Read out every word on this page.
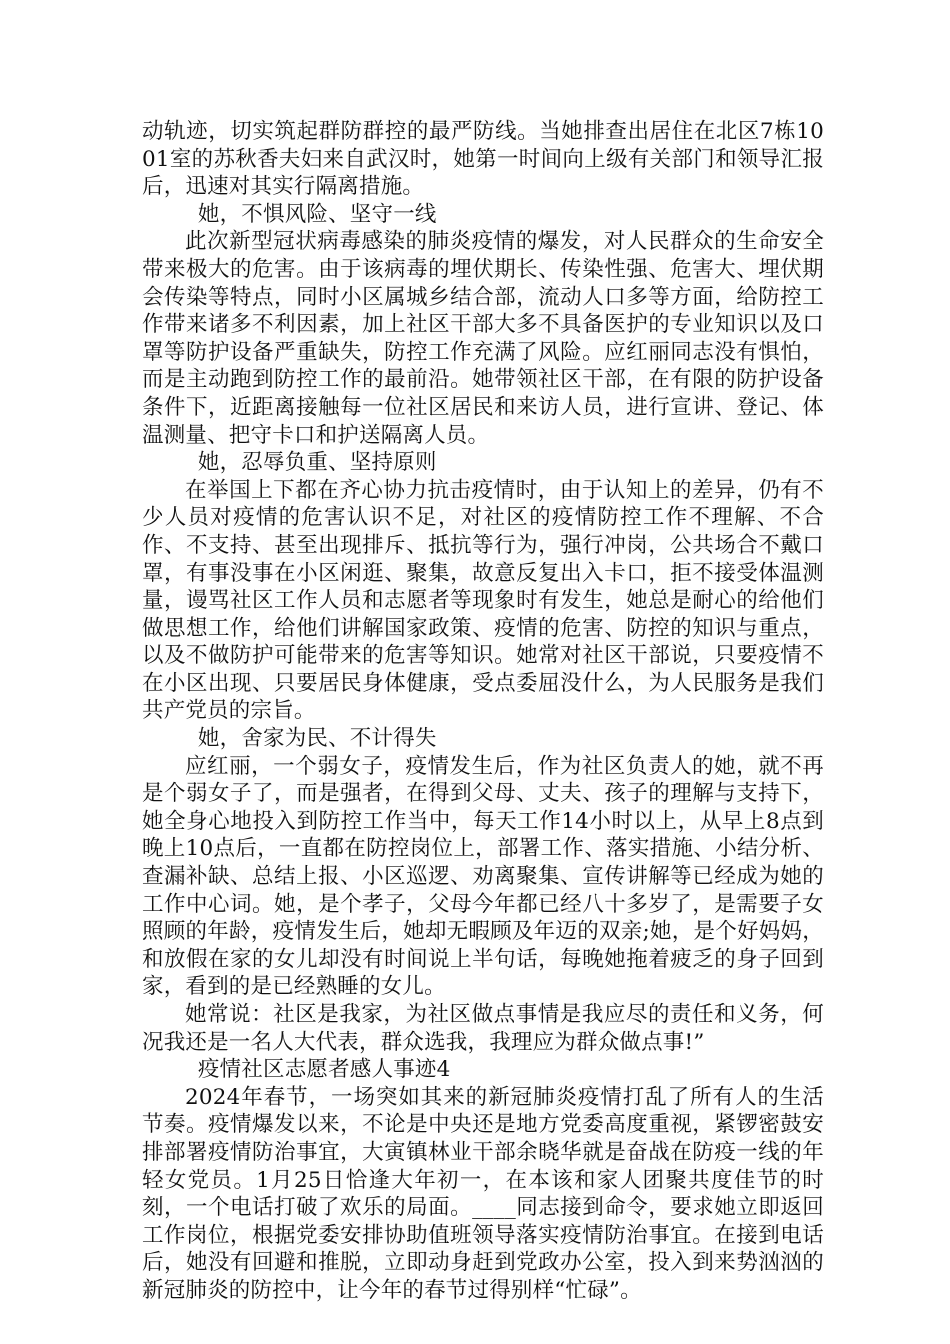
动轨迹，切实筑起群防群控的最严防线。当她排查出居住在北区7栋1001室的苏秋香夫妇来自武汉时，她第一时间向上级有关部门和领导汇报后，迅速对其实行隔离措施。

她，不惧风险、坚守一线

此次新型冠状病毒感染的肺炎疫情的爆发，对人民群众的生命安全带来极大的危害。由于该病毒的埋伏期长、传染性强、危害大、埋伏期会传染等特点，同时小区属城乡结合部，流动人口多等方面，给防控工作带来诸多不利因素，加上社区干部大多不具备医护的专业知识以及口罩等防护设备严重缺失，防控工作充满了风险。应红丽同志没有惧怕，而是主动跑到防控工作的最前沿。她带领社区干部，在有限的防护设备条件下，近距离接触每一位社区居民和来访人员，进行宣讲、登记、体温测量、把守卡口和护送隔离人员。

她，忍辱负重、坚持原则

在举国上下都在齐心协力抗击疫情时，由于认知上的差异，仍有不少人员对疫情的危害认识不足，对社区的疫情防控工作不理解、不合作、不支持、甚至出现排斥、抵抗等行为，强行冲岗，公共场合不戴口罩，有事没事在小区闲逛、聚集，故意反复出入卡口，拒不接受体温测量，谩骂社区工作人员和志愿者等现象时有发生，她总是耐心的给他们做思想工作，给他们讲解国家政策、疫情的危害、防控的知识与重点，以及不做防护可能带来的危害等知识。她常对社区干部说，只要疫情不在小区出现、只要居民身体健康，受点委屈没什么，为人民服务是我们共产党员的宗旨。

她，舍家为民、不计得失

应红丽，一个弱女子，疫情发生后，作为社区负责人的她，就不再是个弱女子了，而是强者，在得到父母、丈夫、孩子的理解与支持下，她全身心地投入到防控工作当中，每天工作14小时以上，从早上8点到晚上10点后，一直都在防控岗位上，部署工作、落实措施、小结分析、查漏补缺、总结上报、小区巡逻、劝离聚集、宣传讲解等已经成为她的工作中心词。她，是个孝子，父母今年都已经八十多岁了，是需要子女照顾的年龄，疫情发生后，她却无暇顾及年迈的双亲;她，是个好妈妈，和放假在家的女儿却没有时间说上半句话，每晚她拖着疲乏的身子回到家，看到的是已经熟睡的女儿。

她常说：社区是我家，为社区做点事情是我应尽的责任和义务，何况我还是一名人大代表，群众选我，我理应为群众做点事!”

疫情社区志愿者感人事迹4

2024年春节，一场突如其来的新冠肺炎疫情打乱了所有人的生活节奏。疫情爆发以来，不论是中央还是地方党委高度重视，紧锣密鼓安排部署疫情防治事宜，大寅镇林业干部余晓华就是奋战在防疫一线的年轻女党员。1月25日恰逢大年初一，在本该和家人团聚共度佳节的时刻，一个电话打破了欢乐的局面。____同志接到命令，要求她立即返回工作岗位，根据党委安排协助值班领导落实疫情防治事宜。在接到电话后，她没有回避和推脱，立即动身赶到党政办公室，投入到来势汹汹的新冠肺炎的防控中，让今年的春节过得别样“忙碌”。
